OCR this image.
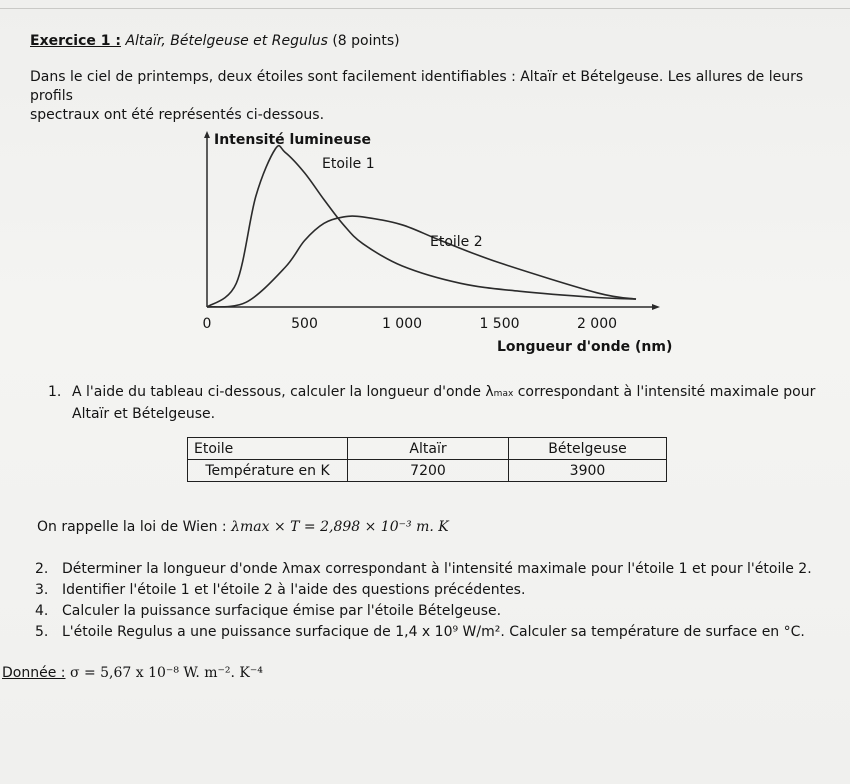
Exercice 1 : Altaïr, Bételgeuse et Regulus (8 points)
Dans le ciel de printemps, deux étoiles sont facilement identifiables : Altaïr et Bételgeuse. Les allures de leurs profils
spectraux ont été représentés ci-dessous.
Intensité lumineuse
Longueur d'onde (nm)
0	500	1 000	1 500	2 000
Etoile 1
Etoile 2
1. A l'aide du tableau ci-dessous, calculer la longueur d'onde λmax correspondant à l'intensité maximale pour
Altaïr et Bételgeuse.
Etoile	Altaïr	Bételgeuse
Température en K	7200	3900
On rappelle la loi de Wien : λmax × T = 2,898 × 10⁻³ m. K
2. Déterminer la longueur d'onde λmax correspondant à l'intensité maximale pour l'étoile 1 et pour l'étoile 2.
3. Identifier l'étoile 1 et l'étoile 2 à l'aide des questions précédentes.
4. Calculer la puissance surfacique émise par l'étoile Bételgeuse.
5. L'étoile Regulus a une puissance surfacique de 1,4 x 10⁹ W/m². Calculer sa température de surface en °C.
Donnée : σ = 5,67 x 10⁻⁸ W. m⁻². K⁻⁴
